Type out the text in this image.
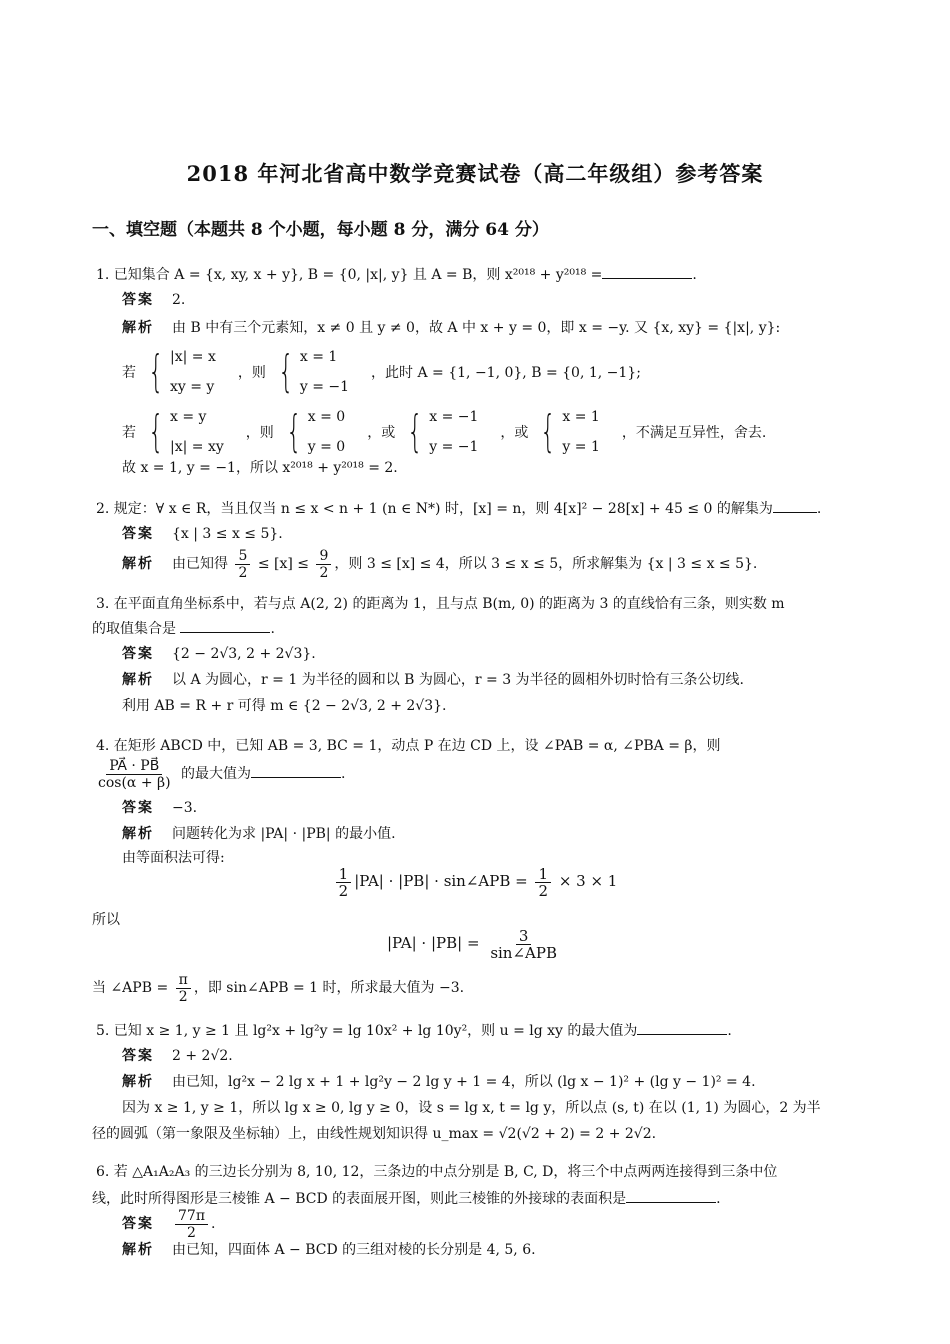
2018 年河北省高中数学竞赛试卷（高二年级组）参考答案
一、填空题（本题共 8 个小题，每小题 8 分，满分 64 分）
1. 已知集合 A = {x, xy, x + y}, B = {0, |x|, y} 且 A = B，则 x²⁰¹⁸ + y²⁰¹⁸ =	.
答案 2.
解析 由 B 中有三个元素知，x ≠ 0 且 y ≠ 0，故 A 中 x + y = 0，即 x = −y. 又 {x, xy} = {|x|, y}:
若 { |x| = x
xy = y
，则 { x = 1
y = −1
，此时 A = {1, −1, 0}, B = {0, 1, −1};
若 { x = y
|x| = xy
，则 { x = 0
y = 0
，或 { x = −1
y = −1
，或 { x = 1
y = 1
，不满足互异性，舍去.
故 x = 1, y = −1，所以 x²⁰¹⁸ + y²⁰¹⁸ = 2.
2. 规定：∀ x ∈ R，当且仅当 n ≤ x < n + 1 (n ∈ N*) 时，[x] = n，则 4[x]² − 28[x] + 45 ≤ 0 的解集为	.
答案 {x | 3 ≤ x ≤ 5}.
解析 由已知得 $\frac{5}{2} \le [x] \le \frac{9}{2}$ ，则 3 ≤ [x] ≤ 4，所以 3 ≤ x ≤ 5，所求解集为 {x | 3 ≤ x ≤ 5}.
3. 在平面直角坐标系中，若与点 A(2, 2) 的距离为 1，且与点 B(m, 0) 的距离为 3 的直线恰有三条，则实数 m
的取值集合是	.
答案 {2 − 2√3, 2 + 2√3}.
解析 以 A 为圆心，r = 1 为半径的圆和以 B 为圆心，r = 3 为半径的圆相外切时恰有三条公切线.
利用 AB = R + r 可得 m ∈ {2 − 2√3, 2 + 2√3}.
4. 在矩形 ABCD 中，已知 AB = 3, BC = 1，动点 P 在边 CD 上，设 ∠PAB = α, ∠PBA = β，则
$\frac{PA⃗ \cdot PB⃗}{\cos(\alpha + \beta)}$ 的最大值为	.
答案 −3.
解析 问题转化为求 |PA| · |PB| 的最小值.
由等面积法可得:
$\frac{1}{2} |PA| \cdot |PB|$ · sin∠APB = $\frac{1}{2} \times 3 \times 1$
所以
$|PA| \cdot |PB| = \frac{3}{\text{sin∠APB}}$
当 ∠APB = $\frac{\pi}{2}$ ，即 sin∠APB = 1 时，所求最大值为 −3.
5. 已知 x ≥ 1, y ≥ 1 且 lg²x + lg²y = lg 10x² + lg 10y²，则 u = lg xy 的最大值为	.
答案 2 + 2√2.
解析 由已知，lg²x − 2 lg x + 1 + lg²y − 2 lg y + 1 = 4，所以 (lg x − 1)² + (lg y − 1)² = 4.
因为 x ≥ 1, y ≥ 1，所以 lg x ≥ 0, lg y ≥ 0，设 s = lg x, t = lg y，所以点 (s, t) 在以 (1, 1) 为圆心，2 为半
径的圆弧（第一象限及坐标轴）上，由线性规划知识得 u_max = √2(√2 + 2) = 2 + 2√2.
6. 若 △A₁A₂A₃ 的三边长分别为 8, 10, 12，三条边的中点分别是 B, C, D，将三个中点两两连接得到三条中位
线，此时所得图形是三棱锥 A − BCD 的表面展开图，则此三棱锥的外接球的表面积是	.
答案 $\frac{77\pi}{2}$ .
解析 由已知，四面体 A − BCD 的三组对棱的长分别是 4, 5, 6.
